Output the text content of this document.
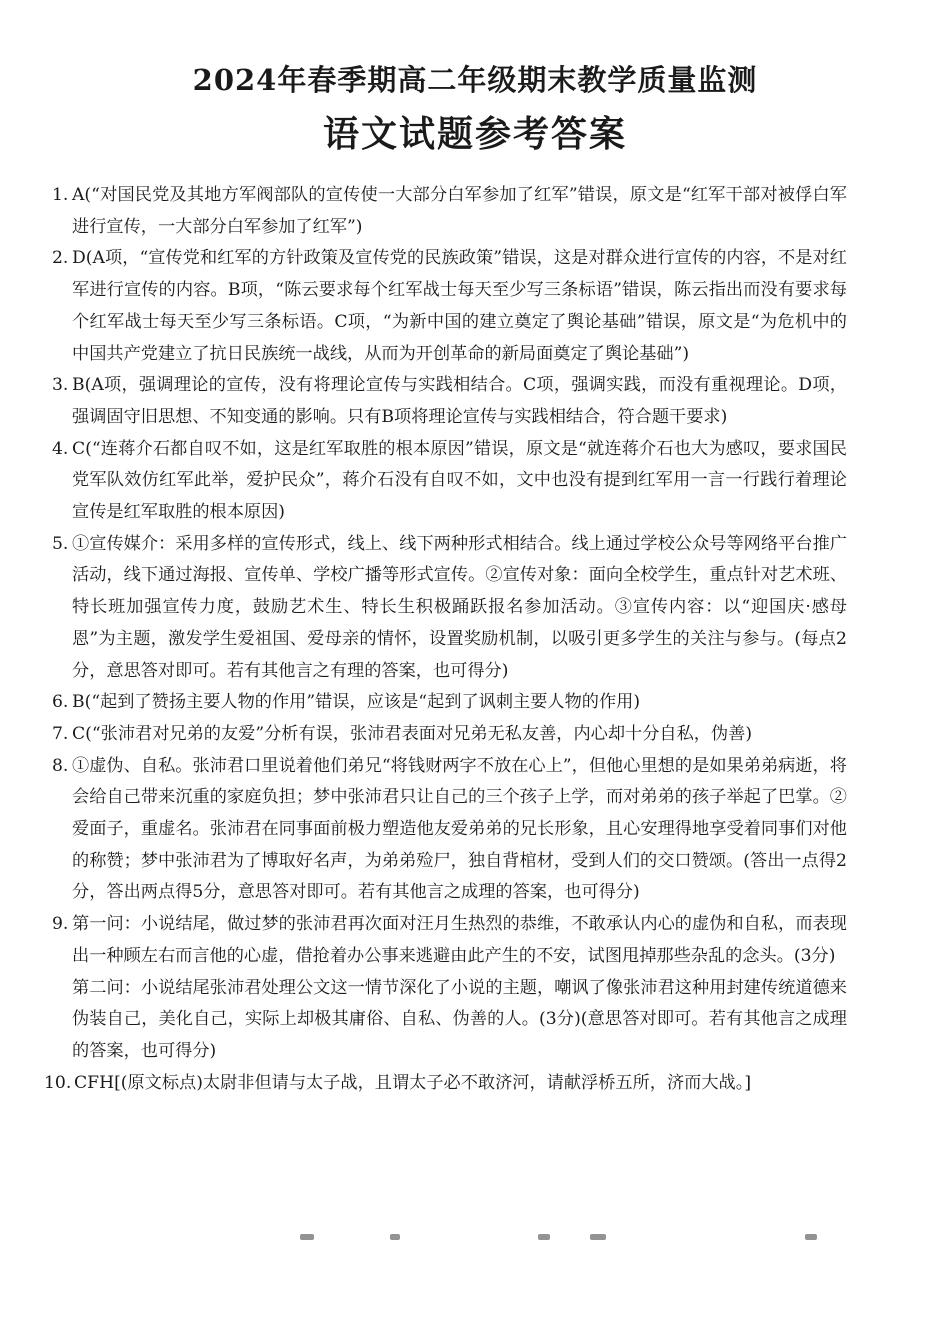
2024年春季期高二年级期末教学质量监测
语文试题参考答案
1. A(“对国民党及其地方军阀部队的宣传使一大部分白军参加了红军”错误，原文是“红军干部对被俘白军进行宣传，一大部分白军参加了红军”)

2. D(A项，“宣传党和红军的方针政策及宣传党的民族政策”错误，这是对群众进行宣传的内容，不是对红军进行宣传的内容。B项，“陈云要求每个红军战士每天至少写三条标语”错误，陈云指出而没有要求每个红军战士每天至少写三条标语。C项，“为新中国的建立奠定了舆论基础”错误，原文是“为危机中的中国共产党建立了抗日民族统一战线，从而为开创革命的新局面奠定了舆论基础”)

3. B(A项，强调理论的宣传，没有将理论宣传与实践相结合。C项，强调实践，而没有重视理论。D项，强调固守旧思想、不知变通的影响。只有B项将理论宣传与实践相结合，符合题干要求)

4. C(“连蒋介石都自叹不如，这是红军取胜的根本原因”错误，原文是“就连蒋介石也大为感叹，要求国民党军队效仿红军此举，爱护民众”，蒋介石没有自叹不如，文中也没有提到红军用一言一行践行着理论宣传是红军取胜的根本原因)

5. ①宣传媒介：采用多样的宣传形式，线上、线下两种形式相结合。线上通过学校公众号等网络平台推广活动，线下通过海报、宣传单、学校广播等形式宣传。②宣传对象：面向全校学生，重点针对艺术班、特长班加强宣传力度，鼓励艺术生、特长生积极踊跃报名参加活动。③宣传内容：以“迎国庆·感母恩”为主题，激发学生爱祖国、爱母亲的情怀，设置奖励机制，以吸引更多学生的关注与参与。(每点2分，意思答对即可。若有其他言之有理的答案，也可得分)

6. B(“起到了赞扬主要人物的作用”错误，应该是“起到了讽刺主要人物的作用)

7. C(“张沛君对兄弟的友爱”分析有误，张沛君表面对兄弟无私友善，内心却十分自私，伪善)

8. ①虚伪、自私。张沛君口里说着他们弟兄“将钱财两字不放在心上”，但他心里想的是如果弟弟病逝，将会给自己带来沉重的家庭负担；梦中张沛君只让自己的三个孩子上学，而对弟弟的孩子举起了巴掌。②爱面子，重虚名。张沛君在同事面前极力塑造他友爱弟弟的兄长形象，且心安理得地享受着同事们对他的称赞；梦中张沛君为了博取好名声，为弟弟殓尸，独自背棺材，受到人们的交口赞颂。(答出一点得2分，答出两点得5分，意思答对即可。若有其他言之成理的答案，也可得分)

9. 第一问：小说结尾，做过梦的张沛君再次面对汪月生热烈的恭维，不敢承认内心的虚伪和自私，而表现出一种顾左右而言他的心虚，借抢着办公事来逃避由此产生的不安，试图甩掉那些杂乱的念头。(3分)

第二问：小说结尾张沛君处理公文这一情节深化了小说的主题，嘲讽了像张沛君这种用封建传统道德来伪装自己，美化自己，实际上却极其庸俗、自私、伪善的人。(3分)(意思答对即可。若有其他言之成理的答案，也可得分)

10. CFH[(原文标点)太尉非但请与太子战，且谓太子必不敢济河，请献浮桥五所，济而大战。]
